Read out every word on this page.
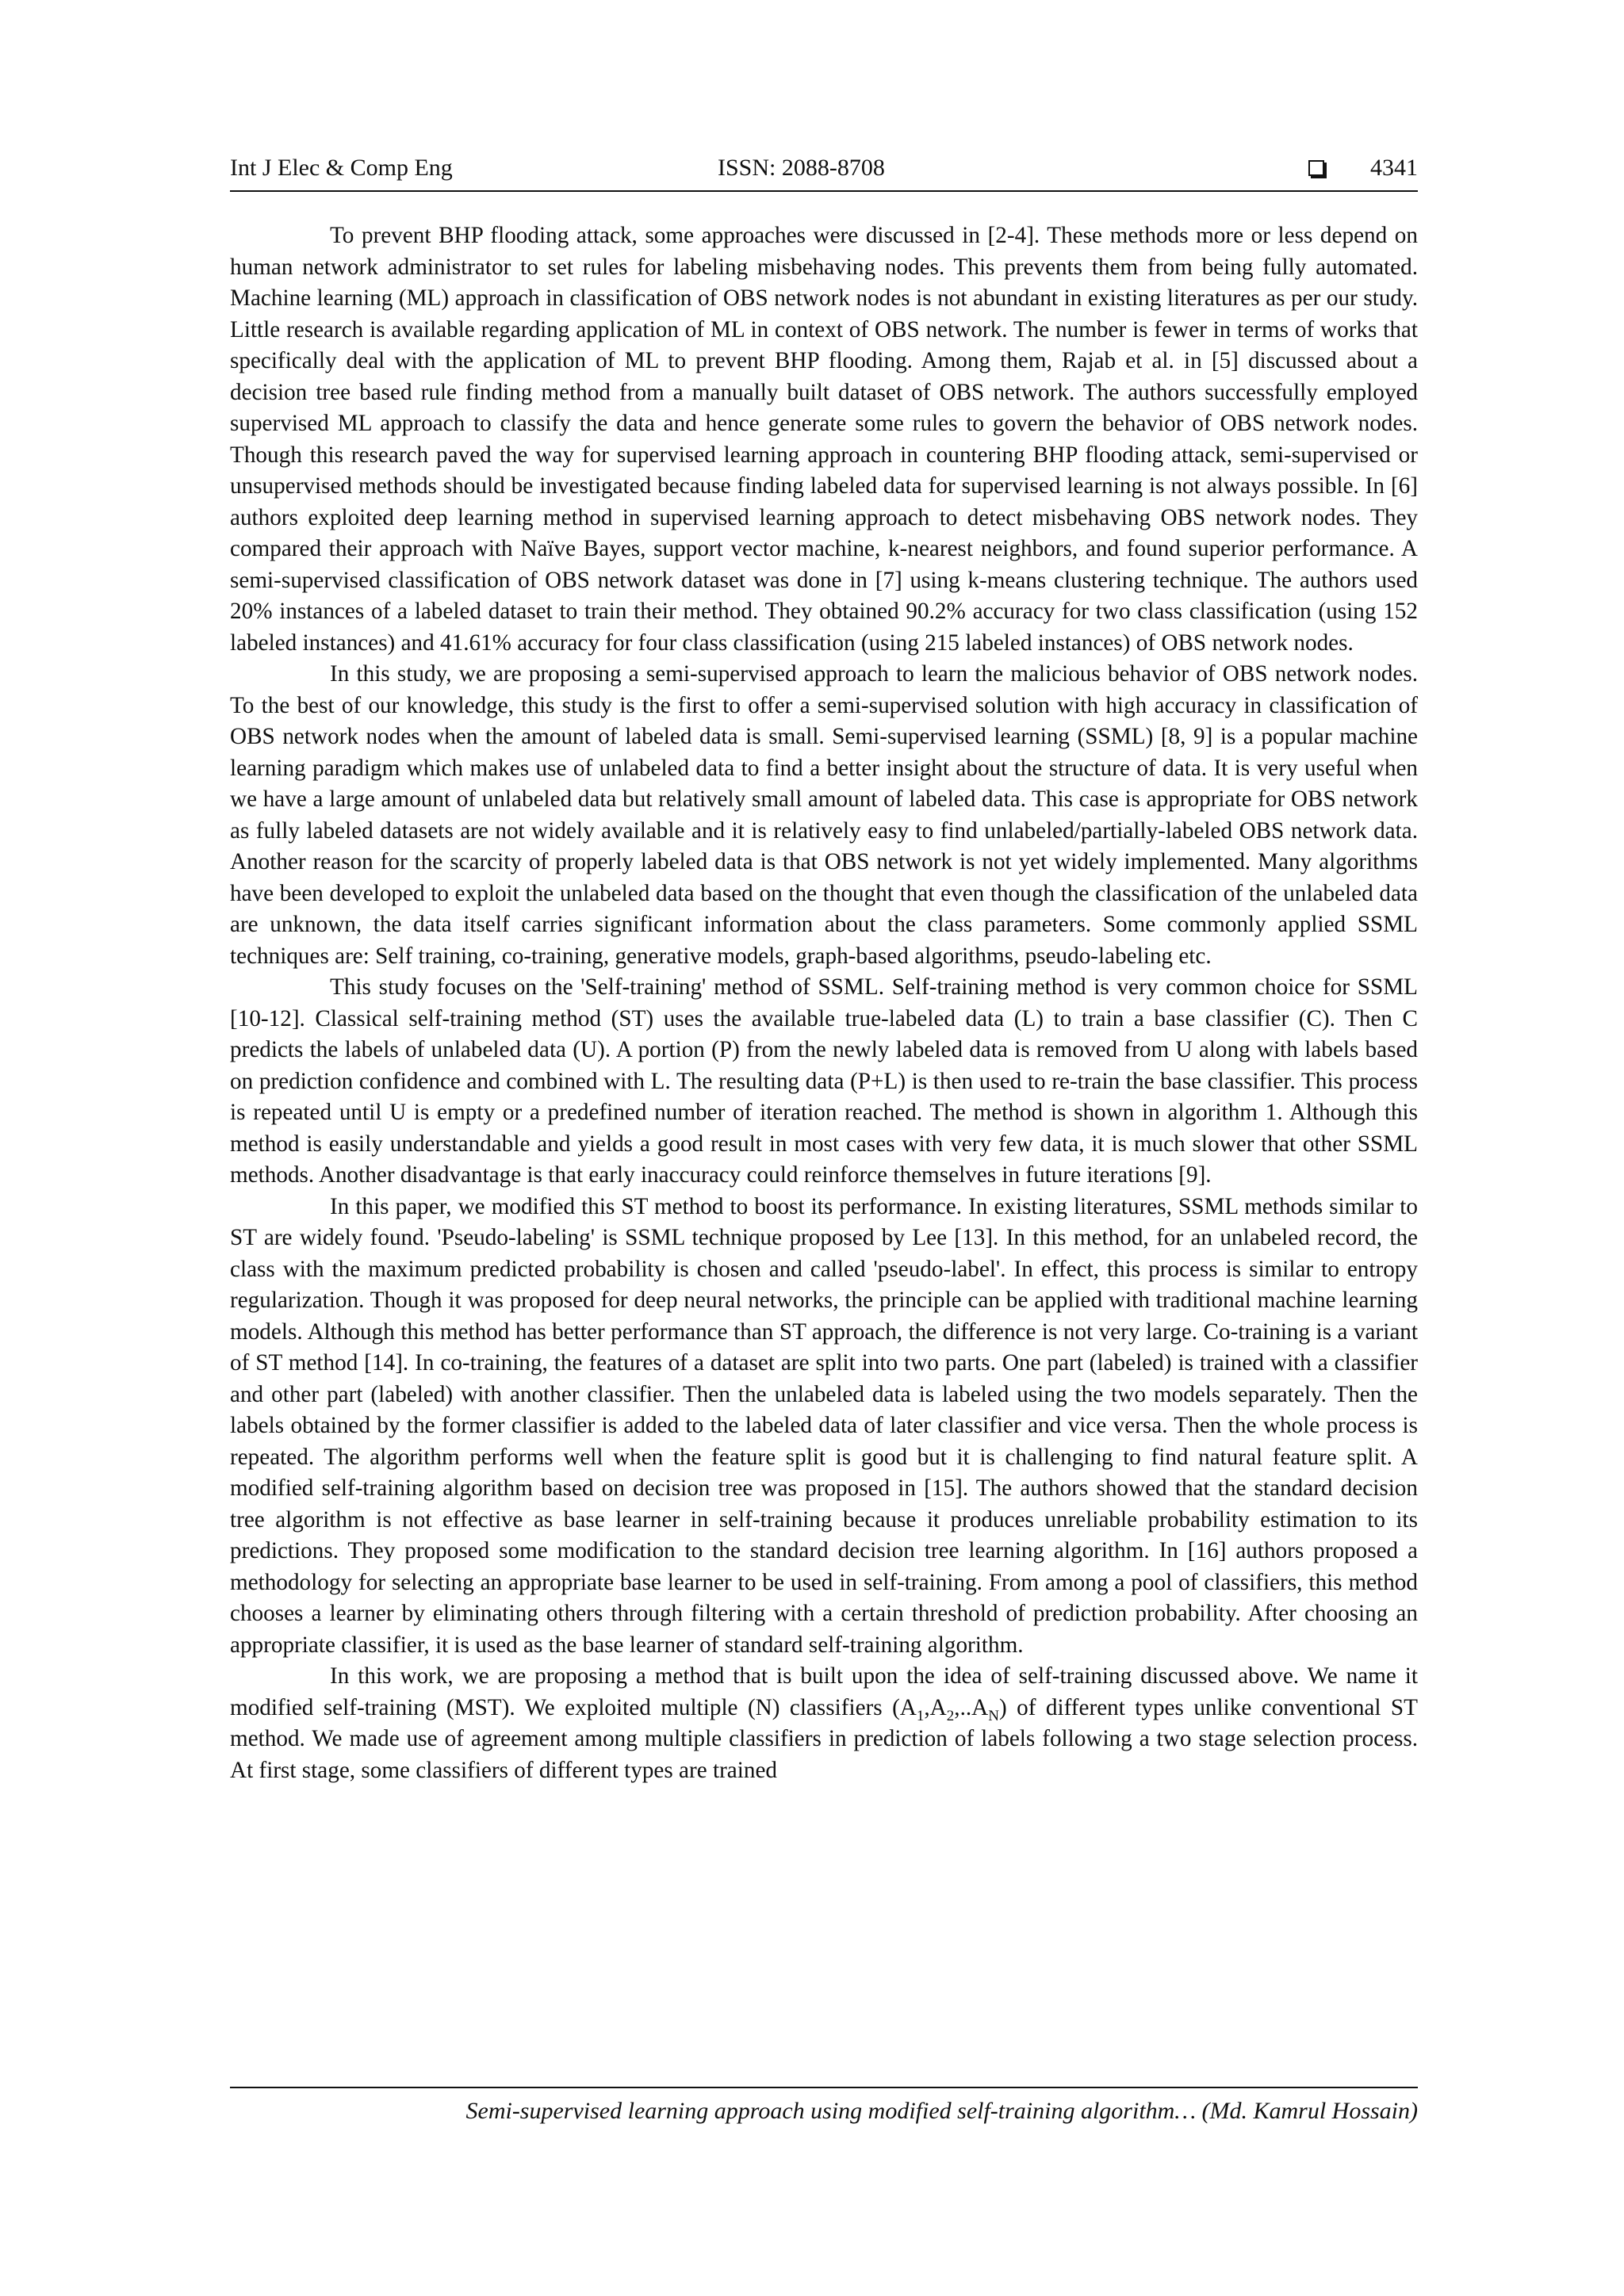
Int J Elec & Comp Eng	ISSN: 2088-8708	4341

To prevent BHP flooding attack, some approaches were discussed in [2-4]. These methods more or less depend on human network administrator to set rules for labeling misbehaving nodes. This prevents them from being fully automated. Machine learning (ML) approach in classification of OBS network nodes is not abundant in existing literatures as per our study. Little research is available regarding application of ML in context of OBS network. The number is fewer in terms of works that specifically deal with the application of ML to prevent BHP flooding. Among them, Rajab et al. in [5] discussed about a decision tree based rule finding method from a manually built dataset of OBS network. The authors successfully employed supervised ML approach to classify the data and hence generate some rules to govern the behavior of OBS network nodes. Though this research paved the way for supervised learning approach in countering BHP flooding attack, semi-supervised or unsupervised methods should be investigated because finding labeled data for supervised learning is not always possible. In [6] authors exploited deep learning method in supervised learning approach to detect misbehaving OBS network nodes. They compared their approach with Naïve Bayes, support vector machine, k-nearest neighbors, and found superior performance. A semi-supervised classification of OBS network dataset was done in [7] using k-means clustering technique. The authors used 20% instances of a labeled dataset to train their method. They obtained 90.2% accuracy for two class classification (using 152 labeled instances) and 41.61% accuracy for four class classification (using 215 labeled instances) of OBS network nodes.

In this study, we are proposing a semi-supervised approach to learn the malicious behavior of OBS network nodes. To the best of our knowledge, this study is the first to offer a semi-supervised solution with high accuracy in classification of OBS network nodes when the amount of labeled data is small. Semi-supervised learning (SSML) [8, 9] is a popular machine learning paradigm which makes use of unlabeled data to find a better insight about the structure of data. It is very useful when we have a large amount of unlabeled data but relatively small amount of labeled data. This case is appropriate for OBS network as fully labeled datasets are not widely available and it is relatively easy to find unlabeled/partially-labeled OBS network data. Another reason for the scarcity of properly labeled data is that OBS network is not yet widely implemented. Many algorithms have been developed to exploit the unlabeled data based on the thought that even though the classification of the unlabeled data are unknown, the data itself carries significant information about the class parameters. Some commonly applied SSML techniques are: Self training, co-training, generative models, graph-based algorithms, pseudo-labeling etc.

This study focuses on the 'Self-training' method of SSML. Self-training method is very common choice for SSML [10-12]. Classical self-training method (ST) uses the available true-labeled data (L) to train a base classifier (C). Then C predicts the labels of unlabeled data (U). A portion (P) from the newly labeled data is removed from U along with labels based on prediction confidence and combined with L. The resulting data (P+L) is then used to re-train the base classifier. This process is repeated until U is empty or a predefined number of iteration reached. The method is shown in algorithm 1. Although this method is easily understandable and yields a good result in most cases with very few data, it is much slower that other SSML methods. Another disadvantage is that early inaccuracy could reinforce themselves in future iterations [9].

In this paper, we modified this ST method to boost its performance. In existing literatures, SSML methods similar to ST are widely found. 'Pseudo-labeling' is SSML technique proposed by Lee [13]. In this method, for an unlabeled record, the class with the maximum predicted probability is chosen and called 'pseudo-label'. In effect, this process is similar to entropy regularization. Though it was proposed for deep neural networks, the principle can be applied with traditional machine learning models. Although this method has better performance than ST approach, the difference is not very large. Co-training is a variant of ST method [14]. In co-training, the features of a dataset are split into two parts. One part (labeled) is trained with a classifier and other part (labeled) with another classifier. Then the unlabeled data is labeled using the two models separately. Then the labels obtained by the former classifier is added to the labeled data of later classifier and vice versa. Then the whole process is repeated. The algorithm performs well when the feature split is good but it is challenging to find natural feature split. A modified self-training algorithm based on decision tree was proposed in [15]. The authors showed that the standard decision tree algorithm is not effective as base learner in self-training because it produces unreliable probability estimation to its predictions. They proposed some modification to the standard decision tree learning algorithm. In [16] authors proposed a methodology for selecting an appropriate base learner to be used in self-training. From among a pool of classifiers, this method chooses a learner by eliminating others through filtering with a certain threshold of prediction probability. After choosing an appropriate classifier, it is used as the base learner of standard self-training algorithm.

In this work, we are proposing a method that is built upon the idea of self-training discussed above. We name it modified self-training (MST). We exploited multiple (N) classifiers $(A_1,A_2,..A_N)$ of different types unlike conventional ST method. We made use of agreement among multiple classifiers in prediction of labels following a two stage selection process. At first stage, some classifiers of different types are trained

Semi-supervised learning approach using modified self-training algorithm… (Md. Kamrul Hossain)
